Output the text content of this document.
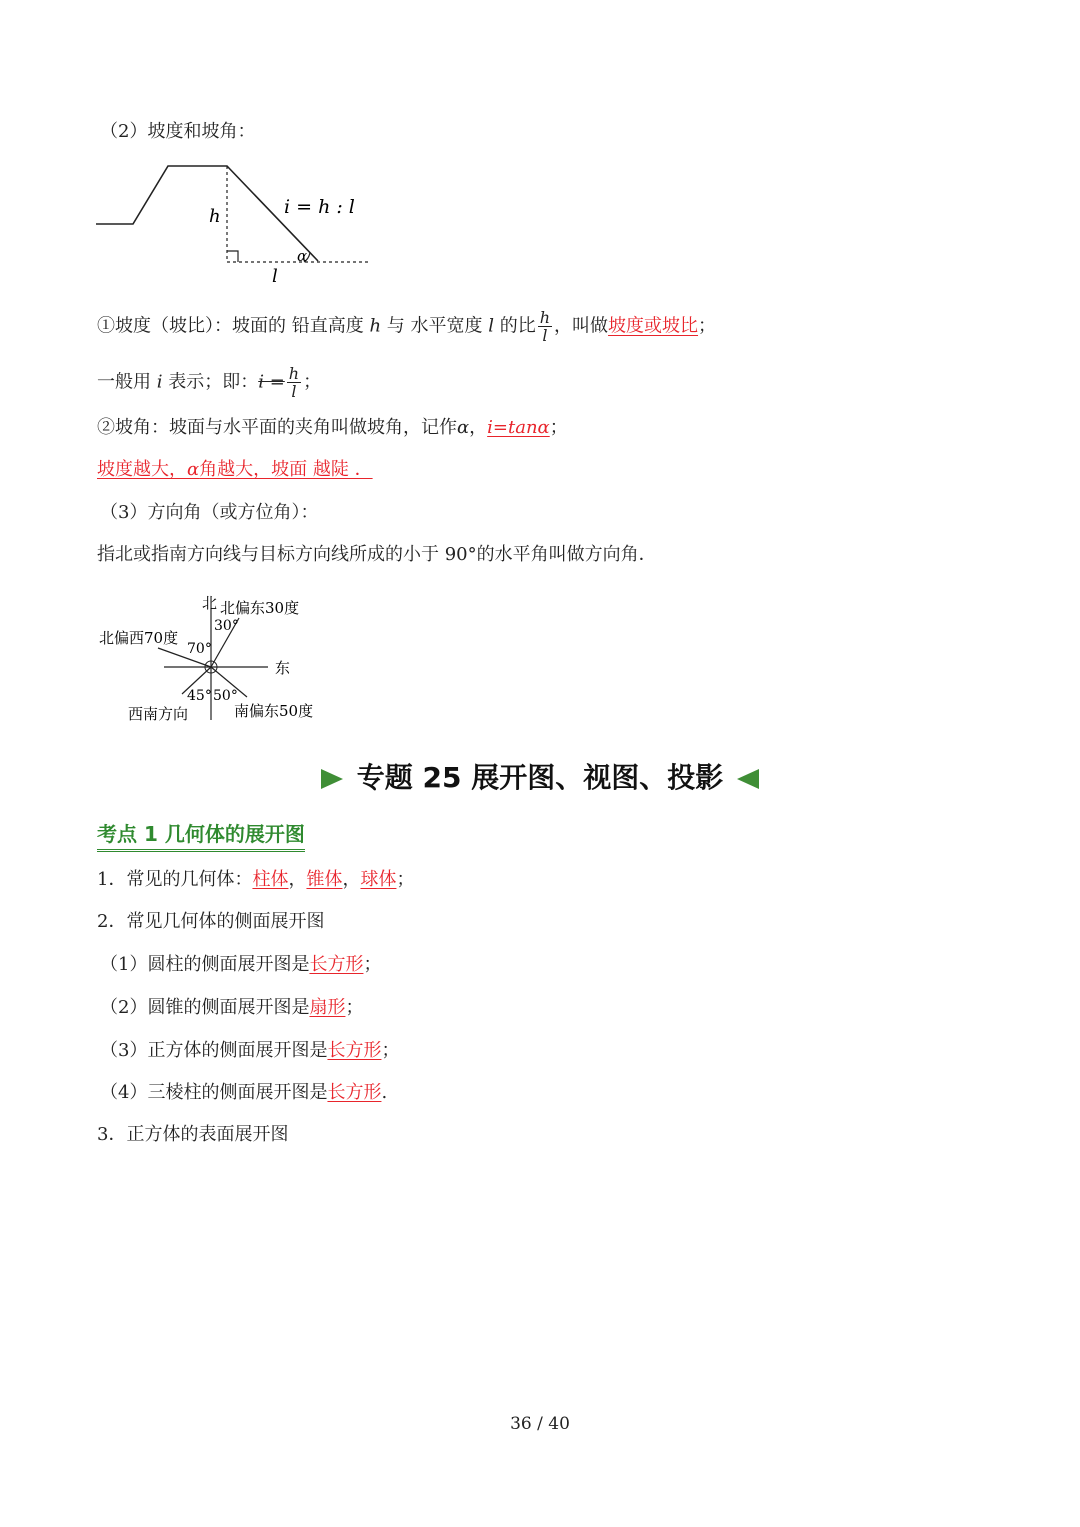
（2）坡度和坡角：
h	i = h : l
α
l
①坡度（坡比）：坡面的 铅直高度 h 与 水平宽度 l 的比 $\frac{h}{l}$ ，叫做坡度或坡比；
一般用 i 表示；即：$i = \frac{h}{l}$ ；
②坡角：坡面与水平面的夹角叫做坡角，记作α，i=tanα；
坡度越大，α角越大，坡面 越陡 ．
（3）方向角（或方位角）：
指北或指南方向线与目标方向线所成的小于 90°的水平角叫做方向角．
北 北偏东30度
30°
北偏西70度
70°
东
45° 50°
西南方向	南偏东50度
专题 25 展开图、视图、投影
考点 1 几何体的展开图
1．常见的几何体：柱体，锥体，球体；
2．常见几何体的侧面展开图
（1）圆柱的侧面展开图是长方形；
（2）圆锥的侧面展开图是扇形；
（3）正方体的侧面展开图是长方形；
（4）三棱柱的侧面展开图是长方形.
3．正方体的表面展开图
36 / 40
